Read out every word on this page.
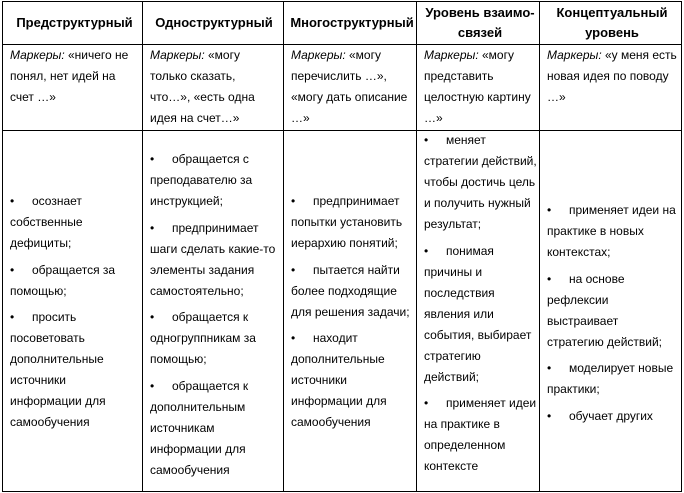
Предструктурный
Маркеры: «ничего не понял, нет идей на счет …»
•осознает собственные дефициты;
•обращается за помощью;
•просить посоветовать дополнительные источники информации для самообучения
Одноструктурный
Маркеры: «могу только сказать, что…», «есть одна идея на счет…»
•обращается с преподавателю за инструкцией;
•предпринимает шаги сделать какие-то элементы задания самостоятельно;
•обращается к одногруппникам за помощью;
•обращается к дополнительным источникам информации для самообучения
Многоструктурный
Маркеры: «могу перечислить …», «могу дать описание …»
•предпринимает попытки установить иерархию понятий;
•пытается найти более подходящие для решения задачи;
•находит дополнительные источники информации для самообучения
Уровень взаимо-связей
Маркеры: «могу представить целостную картину …»
•меняет стратегии действий, чтобы достичь цель и получить нужный результат;
•понимая причины и последствия явления или события, выбирает стратегию действий;
•применяет идеи на практике в определенном контексте
Концептуальный уровень
Маркеры: «у меня есть новая идея по поводу …»
•применяет идеи на практике в новых контекстах;
•на основе рефлексии выстраивает стратегию действий;
•моделирует новые практики;
•обучает других
